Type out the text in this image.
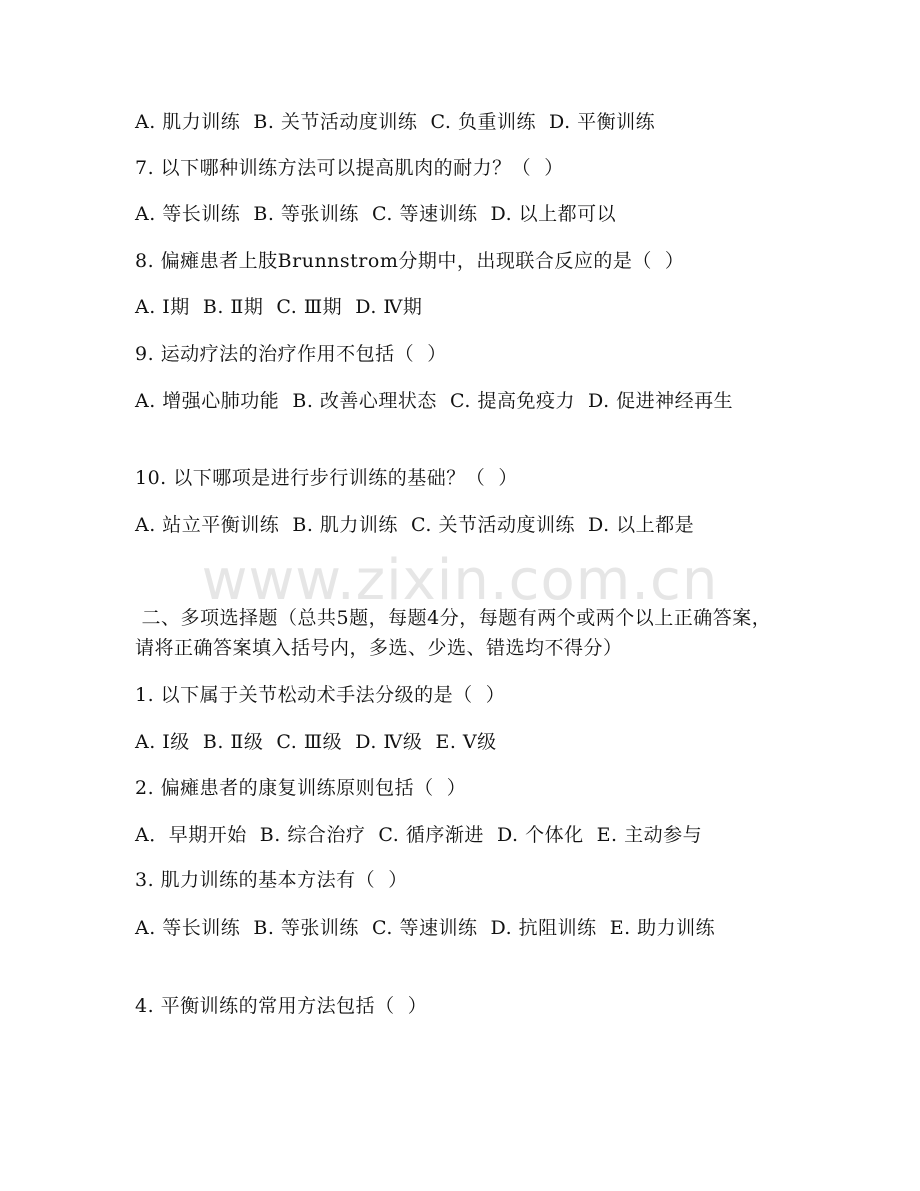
A. 肌力训练  B. 关节活动度训练  C. 负重训练  D. 平衡训练
7. 以下哪种训练方法可以提高肌肉的耐力？（  ）
A. 等长训练  B. 等张训练  C. 等速训练  D. 以上都可以
8. 偏瘫患者上肢Brunnstrom分期中，出现联合反应的是（  ）
A. Ⅰ期  B. Ⅱ期  C. Ⅲ期  D. Ⅳ期
9. 运动疗法的治疗作用不包括（  ）
A. 增强心肺功能  B. 改善心理状态  C. 提高免疫力  D. 促进神经再生
10. 以下哪项是进行步行训练的基础？（  ）
A. 站立平衡训练  B. 肌力训练  C. 关节活动度训练  D. 以上都是
www.zixin.com.cn
二、多项选择题（总共5题，每题4分，每题有两个或两个以上正确答案，请将正确答案填入括号内，多选、少选、错选均不得分）
1. 以下属于关节松动术手法分级的是（  ）
A. Ⅰ级  B. Ⅱ级  C. Ⅲ级  D. Ⅳ级  E. Ⅴ级
2. 偏瘫患者的康复训练原则包括（  ）
A．早期开始  B. 综合治疗  C. 循序渐进  D. 个体化  E. 主动参与
3. 肌力训练的基本方法有（  ）
A. 等长训练  B. 等张训练  C. 等速训练  D. 抗阻训练  E. 助力训练
4. 平衡训练的常用方法包括（  ）
